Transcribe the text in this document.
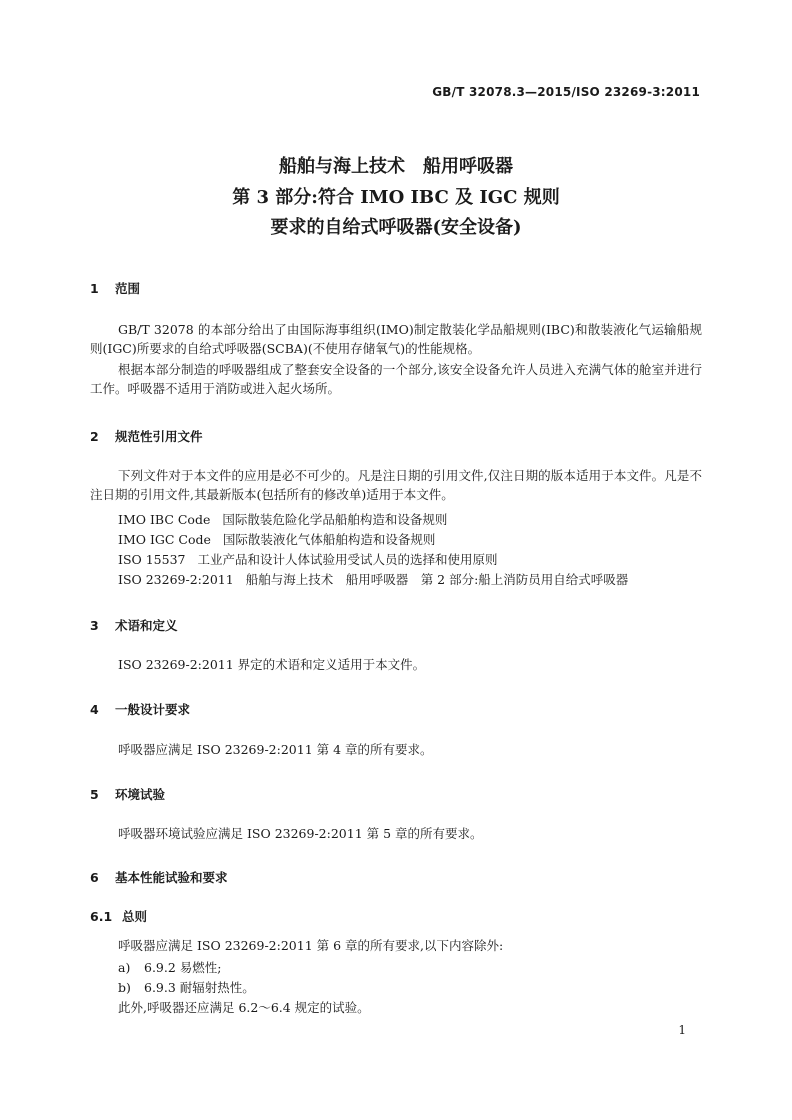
GB/T 32078.3—2015/ISO 23269-3:2011
船舶与海上技术　船用呼吸器
第 3 部分:符合 IMO IBC 及 IGC 规则
要求的自给式呼吸器(安全设备)
1 范围
GB/T 32078 的本部分给出了由国际海事组织(IMO)制定散装化学品船规则(IBC)和散装液化气运输船规则(IGC)所要求的自给式呼吸器(SCBA)(不使用存储氧气)的性能规格。
根据本部分制造的呼吸器组成了整套安全设备的一个部分,该安全设备允许人员进入充满气体的舱室并进行工作。呼吸器不适用于消防或进入起火场所。
2 规范性引用文件
下列文件对于本文件的应用是必不可少的。凡是注日期的引用文件,仅注日期的版本适用于本文件。凡是不注日期的引用文件,其最新版本(包括所有的修改单)适用于本文件。
IMO IBC Code 国际散装危险化学品船舶构造和设备规则
IMO IGC Code 国际散装液化气体船舶构造和设备规则
ISO 15537 工业产品和设计人体试验用受试人员的选择和使用原则
ISO 23269-2:2011 船舶与海上技术　船用呼吸器　第 2 部分:船上消防员用自给式呼吸器
3 术语和定义
ISO 23269-2:2011 界定的术语和定义适用于本文件。
4 一般设计要求
呼吸器应满足 ISO 23269-2:2011 第 4 章的所有要求。
5 环境试验
呼吸器环境试验应满足 ISO 23269-2:2011 第 5 章的所有要求。
6 基本性能试验和要求
6.1 总则
呼吸器应满足 ISO 23269-2:2011 第 6 章的所有要求,以下内容除外:
a) 6.9.2 易燃性;
b) 6.9.3 耐辐射热性。
此外,呼吸器还应满足 6.2～6.4 规定的试验。
1
